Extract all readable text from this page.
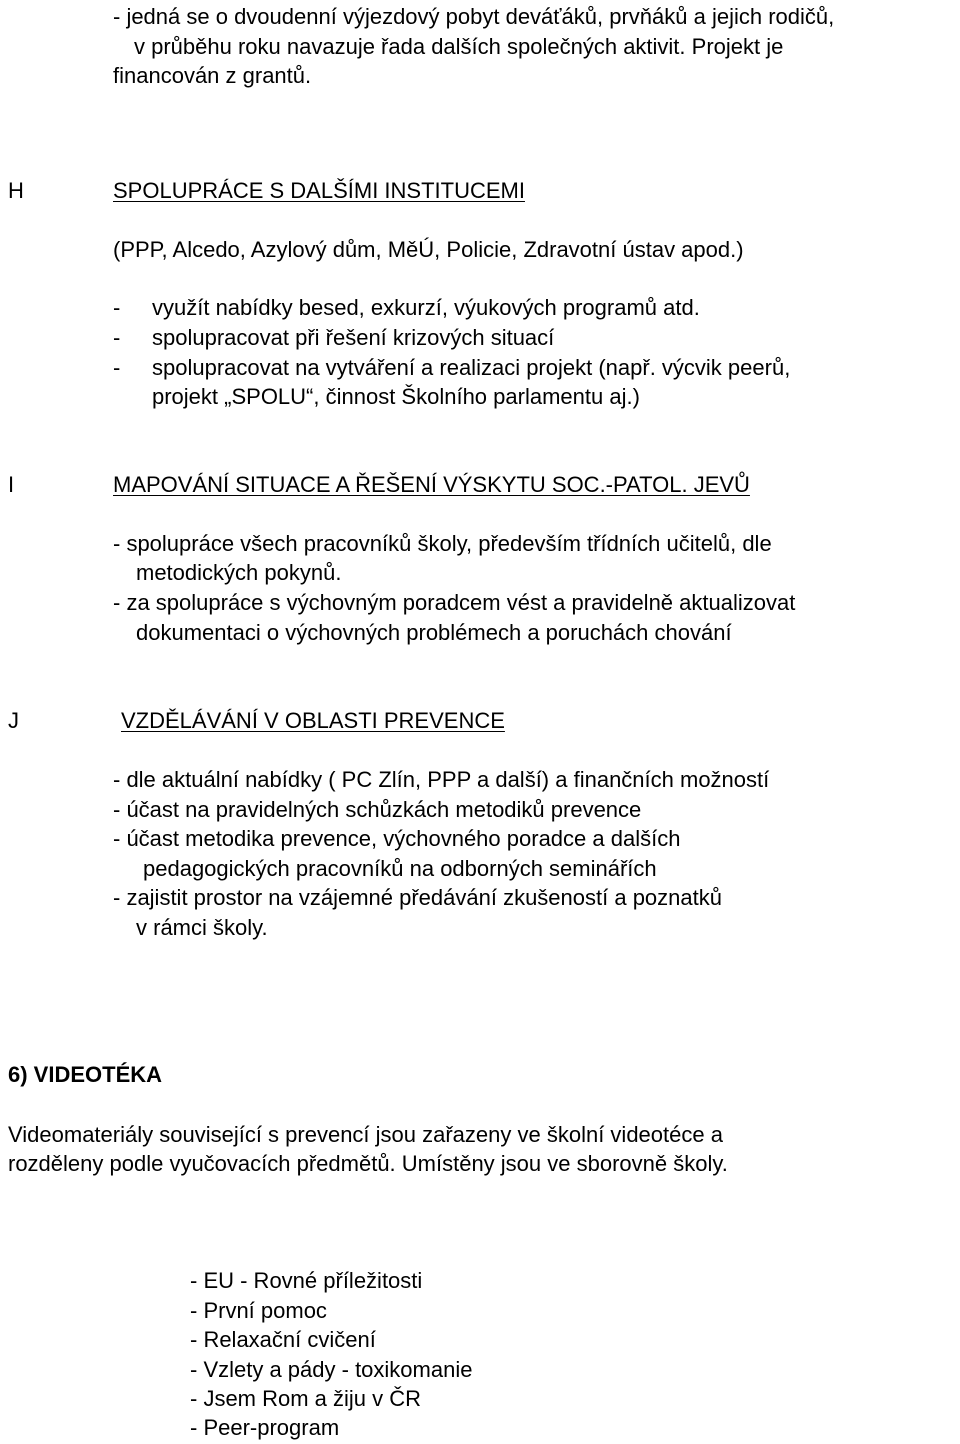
- jedná se o dvoudenní výjezdový pobyt deváťáků, prvňáků a jejich rodičů,
v průběhu roku navazuje řada dalších společných aktivit. Projekt je
financován z grantů.
H	SPOLUPRÁCE S DALŠÍMI INSTITUCEMI
(PPP, Alcedo, Azylový dům, MěÚ, Policie, Zdravotní ústav apod.)
- využít nabídky besed, exkurzí, výukových programů atd.
- spolupracovat při řešení krizových situací
- spolupracovat na vytváření a realizaci projekt (např. výcvik peerů,
projekt „SPOLU“, činnost Školního parlamentu aj.)
I	MAPOVÁNÍ SITUACE A ŘEŠENÍ VÝSKYTU SOC.-PATOL. JEVŮ
- spolupráce všech pracovníků školy, především třídních učitelů, dle
metodických pokynů.
- za spolupráce s výchovným poradcem vést a pravidelně aktualizovat
dokumentaci o výchovných problémech a poruchách chování
J	VZDĚLÁVÁNÍ V OBLASTI PREVENCE
- dle aktuální nabídky ( PC Zlín, PPP a další) a finančních možností
- účast na pravidelných schůzkách metodiků prevence
- účast metodika prevence, výchovného poradce a dalších
pedagogických pracovníků na odborných seminářích
- zajistit prostor na vzájemné předávání zkušeností a poznatků
v rámci školy.
6) VIDEOTÉKA
Videomateriály související s prevencí jsou zařazeny ve školní videotéce a
rozděleny podle vyučovacích předmětů. Umístěny jsou ve sborovně školy.
- EU - Rovné příležitosti
- První pomoc
- Relaxační cvičení
- Vzlety a pády - toxikomanie
- Jsem Rom a žiju v ČR
- Peer-program
